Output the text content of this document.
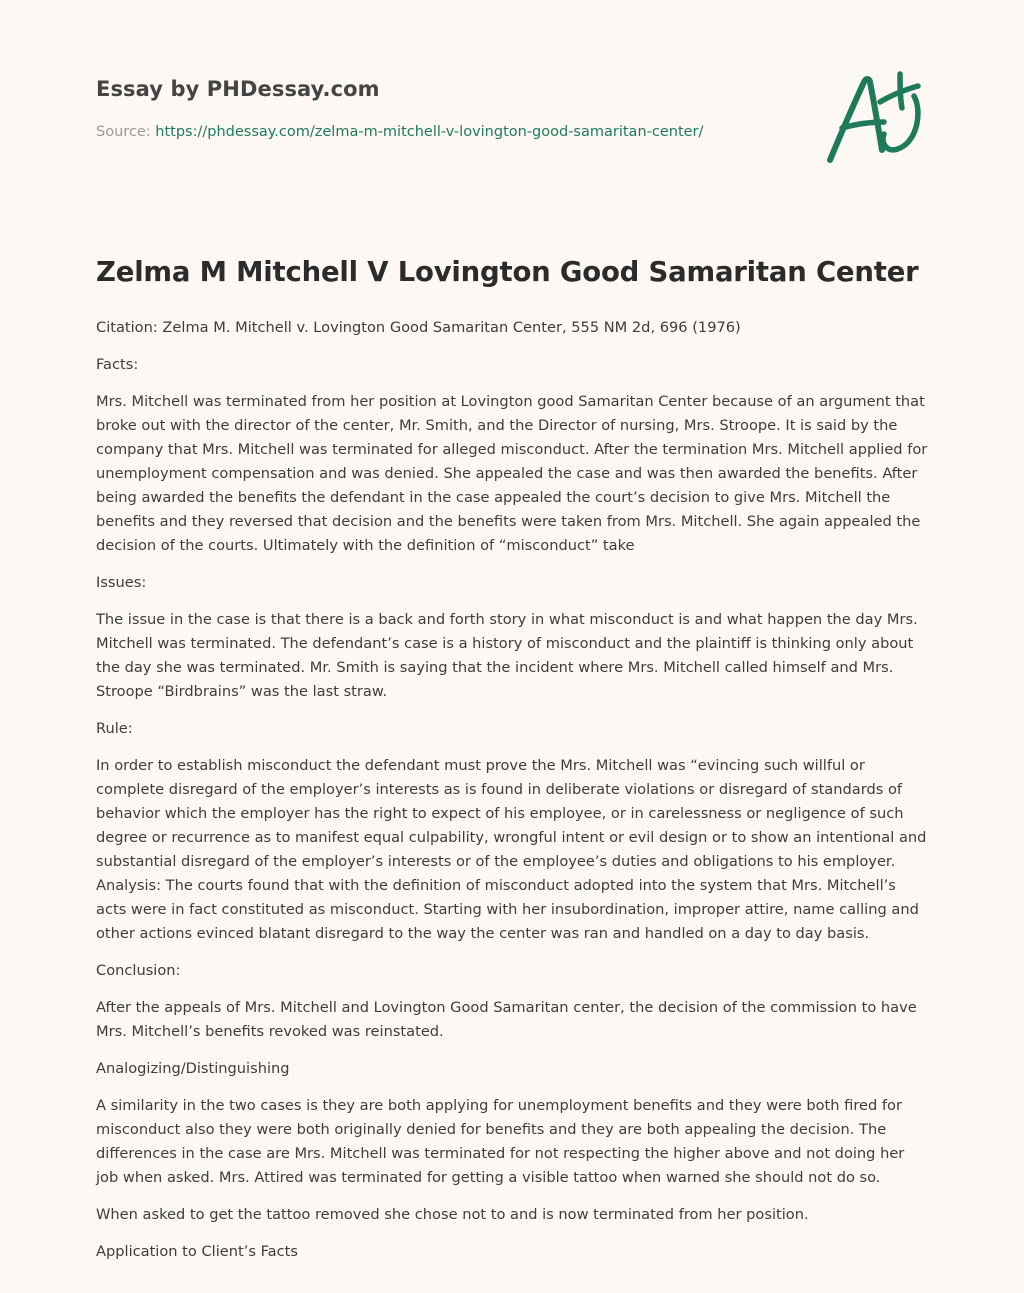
Essay by PHDessay.com
Source: https://phdessay.com/zelma-m-mitchell-v-lovington-good-samaritan-center/
Zelma M Mitchell V Lovington Good Samaritan Center

Citation: Zelma M. Mitchell v. Lovington Good Samaritan Center, 555 NM 2d, 696 (1976)

Facts:

Mrs. Mitchell was terminated from her position at Lovington good Samaritan Center because of an argument that broke out with the director of the center, Mr. Smith, and the Director of nursing, Mrs. Stroope. It is said by the company that Mrs. Mitchell was terminated for alleged misconduct. After the termination Mrs. Mitchell applied for unemployment compensation and was denied. She appealed the case and was then awarded the benefits. After being awarded the benefits the defendant in the case appealed the court’s decision to give Mrs. Mitchell the benefits and they reversed that decision and the benefits were taken from Mrs. Mitchell. She again appealed the decision of the courts. Ultimately with the definition of “misconduct” take

Issues:

The issue in the case is that there is a back and forth story in what misconduct is and what happen the day Mrs. Mitchell was terminated. The defendant’s case is a history of misconduct and the plaintiff is thinking only about the day she was terminated. Mr. Smith is saying that the incident where Mrs. Mitchell called himself and Mrs. Stroope “Birdbrains” was the last straw.

Rule:

In order to establish misconduct the defendant must prove the Mrs. Mitchell was “evincing such willful or complete disregard of the employer’s interests as is found in deliberate violations or disregard of standards of behavior which the employer has the right to expect of his employee, or in carelessness or negligence of such degree or recurrence as to manifest equal culpability, wrongful intent or evil design or to show an intentional and substantial disregard of the employer’s interests or of the employee’s duties and obligations to his employer. Analysis: The courts found that with the definition of misconduct adopted into the system that Mrs. Mitchell’s acts were in fact constituted as misconduct. Starting with her insubordination, improper attire, name calling and other actions evinced blatant disregard to the way the center was ran and handled on a day to day basis.

Conclusion:

After the appeals of Mrs. Mitchell and Lovington Good Samaritan center, the decision of the commission to have Mrs. Mitchell’s benefits revoked was reinstated.

Analogizing/Distinguishing

A similarity in the two cases is they are both applying for unemployment benefits and they were both fired for misconduct also they were both originally denied for benefits and they are both appealing the decision. The differences in the case are Mrs. Mitchell was terminated for not respecting the higher above and not doing her job when asked. Mrs. Attired was terminated for getting a visible tattoo when warned she should not do so.

When asked to get the tattoo removed she chose not to and is now terminated from her position.

Application to Client’s Facts
